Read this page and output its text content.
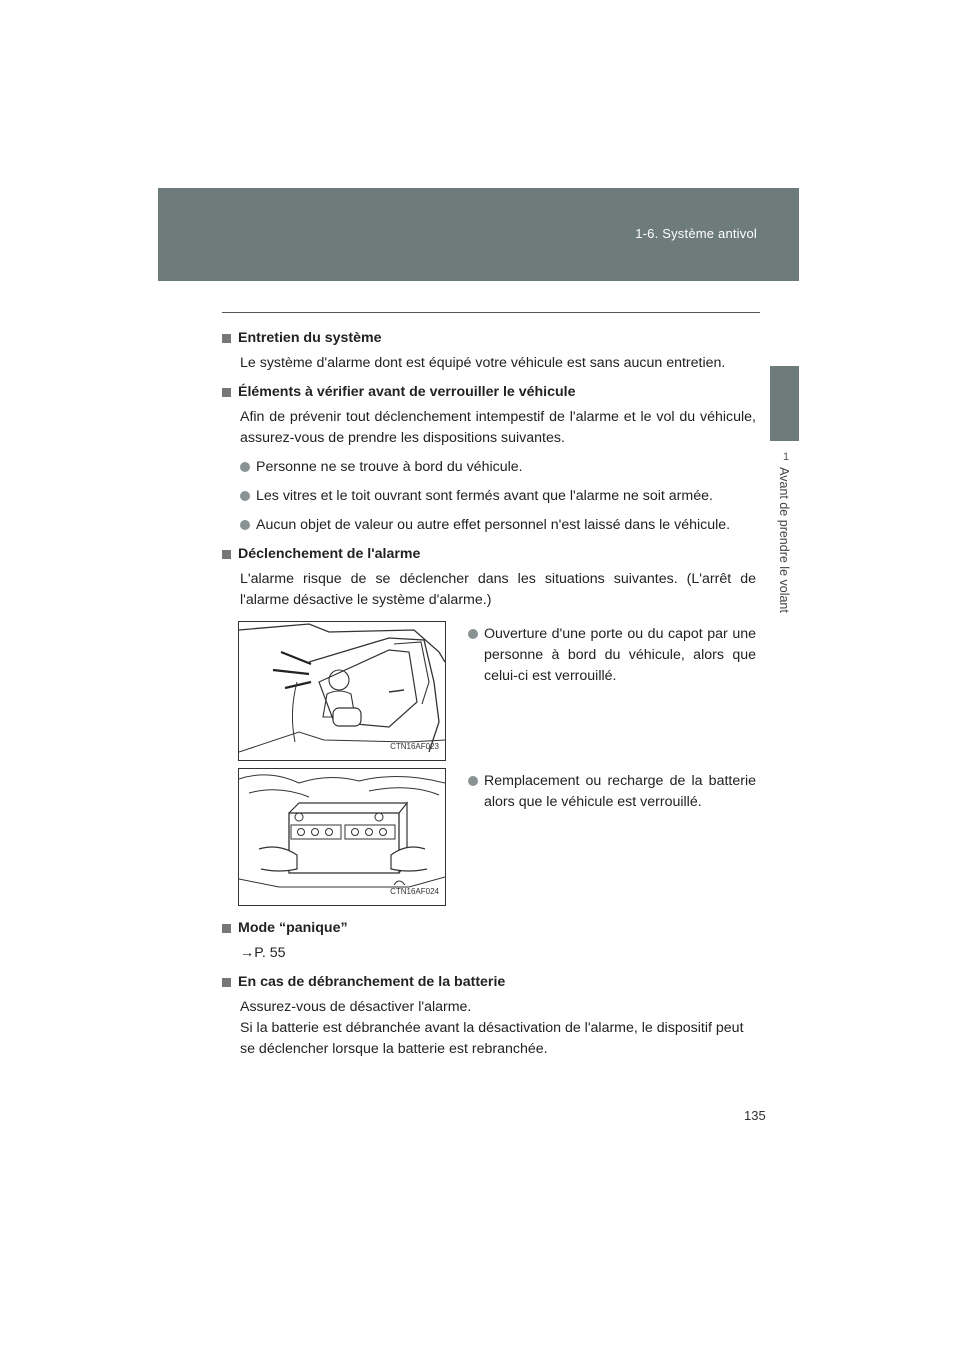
1-6. Système antivol
1
Avant de prendre le volant
Entretien du système
Le système d'alarme dont est équipé votre véhicule est sans aucun entretien.
Éléments à vérifier avant de verrouiller le véhicule
Afin de prévenir tout déclenchement intempestif de l'alarme et le vol du véhicule, assurez-vous de prendre les dispositions suivantes.
Personne ne se trouve à bord du véhicule.
Les vitres et le toit ouvrant sont fermés avant que l'alarme ne soit armée.
Aucun objet de valeur ou autre effet personnel n'est laissé dans le véhicule.
Déclenchement de l'alarme
L'alarme risque de se déclencher dans les situations suivantes. (L'arrêt de l'alarme désactive le système d'alarme.)
CTN16AF023
Ouverture d'une porte ou du capot par une personne à bord du véhicule, alors que celui-ci est verrouillé.
CTN16AF024
Remplacement ou recharge de la batterie alors que le véhicule est verrouillé.
Mode “panique”
→P. 55
En cas de débranchement de la batterie
Assurez-vous de désactiver l'alarme.
Si la batterie est débranchée avant la désactivation de l'alarme, le dispositif peut se déclencher lorsque la batterie est rebranchée.
135
